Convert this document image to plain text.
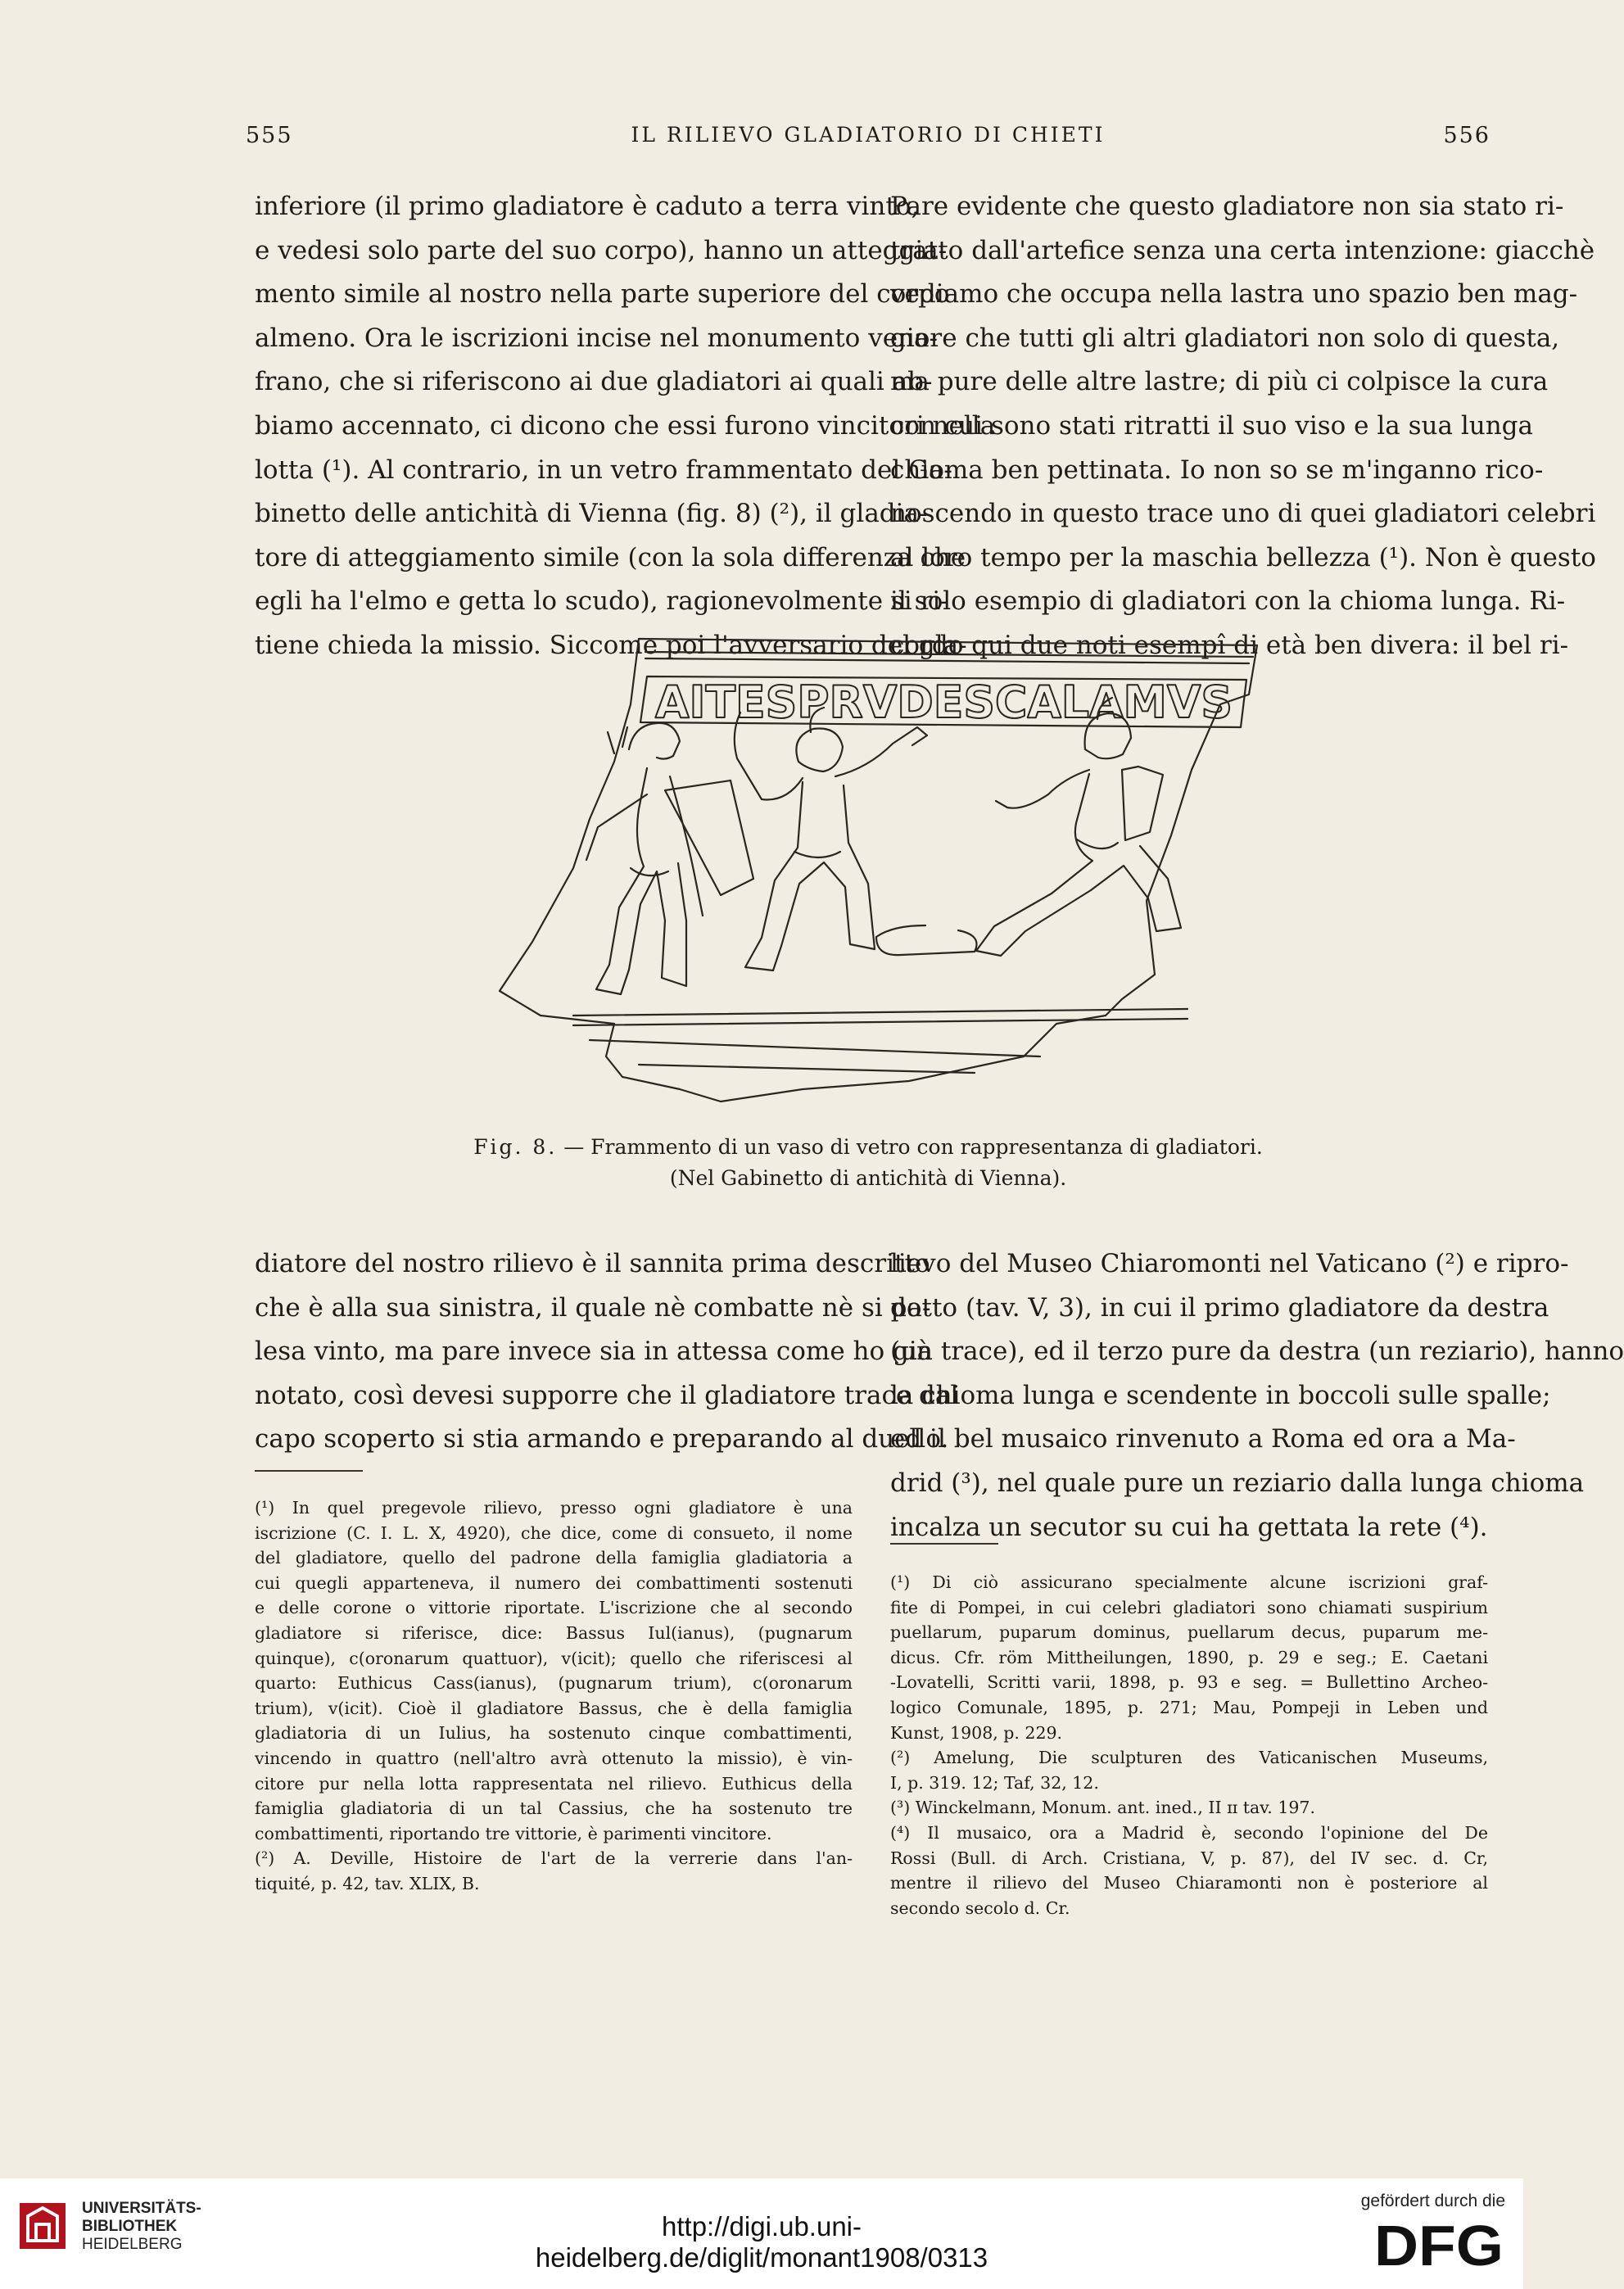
555	IL RILIEVO GLADIATORIO DI CHIETI	556

inferiore (il primo gladiatore è caduto a terra vinto,

e vedesi solo parte del suo corpo), hanno un atteggia-

mento simile al nostro nella parte superiore del corpo

almeno. Ora le iscrizioni incise nel monumento vena-

frano, che si riferiscono ai due gladiatori ai quali ab-

biamo accennato, ci dicono che essi furono vincitori nella

lotta (¹). Al contrario, in un vetro frammentato del Ga-

binetto delle antichità di Vienna (fig. 8) (²), il gladia-

tore di atteggiamento simile (con la sola differenza che

egli ha l'elmo e getta lo scudo), ragionevolmente si ri-

tiene chieda la missio. Siccome poi l'avversario del gla-

Pare evidente che questo gladiatore non sia stato ri-

tratto dall'artefice senza una certa intenzione: giacchè

vediamo che occupa nella lastra uno spazio ben mag-

giore che tutti gli altri gladiatori non solo di questa,

ma pure delle altre lastre; di più ci colpisce la cura

con cui sono stati ritratti il suo viso e la sua lunga

chioma ben pettinata. Io non so se m'inganno rico-

noscendo in questo trace uno di quei gladiatori celebri

al loro tempo per la maschia bellezza (¹). Non è questo

il solo esempio di gladiatori con la chioma lunga. Ri-

cordo qui due noti esempî di età ben divera: il bel ri-

AITESPRVDESCALAMVS
Fig. 8. — Frammento di un vaso di vetro con rappresentanza di gladiatori.
(Nel Gabinetto di antichità di Vienna).

diatore del nostro rilievo è il sannita prima descritto

che è alla sua sinistra, il quale nè combatte nè si pa-

lesa vinto, ma pare invece sia in attessa come ho già

notato, così devesi supporre che il gladiatore trace dal

capo scoperto si stia armando e preparando al duello.

lievo del Museo Chiaromonti nel Vaticano (²) e ripro-

dotto (tav. V, 3), in cui il primo gladiatore da destra

(un trace), ed il terzo pure da destra (un reziario), hanno

la chioma lunga e scendente in boccoli sulle spalle;

ed il bel musaico rinvenuto a Roma ed ora a Ma-

drid (³), nel quale pure un reziario dalla lunga chioma

incalza un secutor su cui ha gettata la rete (⁴).

(¹) In quel pregevole rilievo, presso ogni gladiatore è una

iscrizione (C. I. L. X, 4920), che dice, come di consueto, il nome

del gladiatore, quello del padrone della famiglia gladiatoria a

cui quegli apparteneva, il numero dei combattimenti sostenuti

e delle corone o vittorie riportate. L'iscrizione che al secondo

gladiatore si riferisce, dice: Bassus Iul(ianus), (pugnarum

quinque), c(oronarum quattuor), v(icit); quello che riferiscesi al

quarto: Euthicus Cass(ianus), (pugnarum trium), c(oronarum

trium), v(icit). Cioè il gladiatore Bassus, che è della famiglia

gladiatoria di un Iulius, ha sostenuto cinque combattimenti,

vincendo in quattro (nell'altro avrà ottenuto la missio), è vin-

citore pur nella lotta rappresentata nel rilievo. Euthicus della

famiglia gladiatoria di un tal Cassius, che ha sostenuto tre

combattimenti, riportando tre vittorie, è parimenti vincitore.

(²) A. Deville, Histoire de l'art de la verrerie dans l'an-

tiquité, p. 42, tav. XLIX, B.

(¹) Di ciò assicurano specialmente alcune iscrizioni graf-

fite di Pompei, in cui celebri gladiatori sono chiamati suspirium

puellarum, puparum dominus, puellarum decus, puparum me-

dicus. Cfr. röm Mittheilungen, 1890, p. 29 e seg.; E. Caetani

-Lovatelli, Scritti varii, 1898, p. 93 e seg. = Bullettino Archeo-

logico Comunale, 1895, p. 271; Mau, Pompeji in Leben und

Kunst, 1908, p. 229.

(²) Amelung, Die sculpturen des Vaticanischen Museums,

I, p. 319. 12; Taf, 32, 12.

(³) Winckelmann, Monum. ant. ined., II ɪɪ tav. 197.

(⁴) Il musaico, ora a Madrid è, secondo l'opinione del De

Rossi (Bull. di Arch. Cristiana, V, p. 87), del IV sec. d. Cr,

mentre il rilievo del Museo Chiaramonti non è posteriore al

secondo secolo d. Cr.

UNIVERSITÄTS-
BIBLIOTHEK
HEIDELBERG
http://digi.ub.uni-heidelberg.de/diglit/monant1908/0313
gefördert durch die
DFG
